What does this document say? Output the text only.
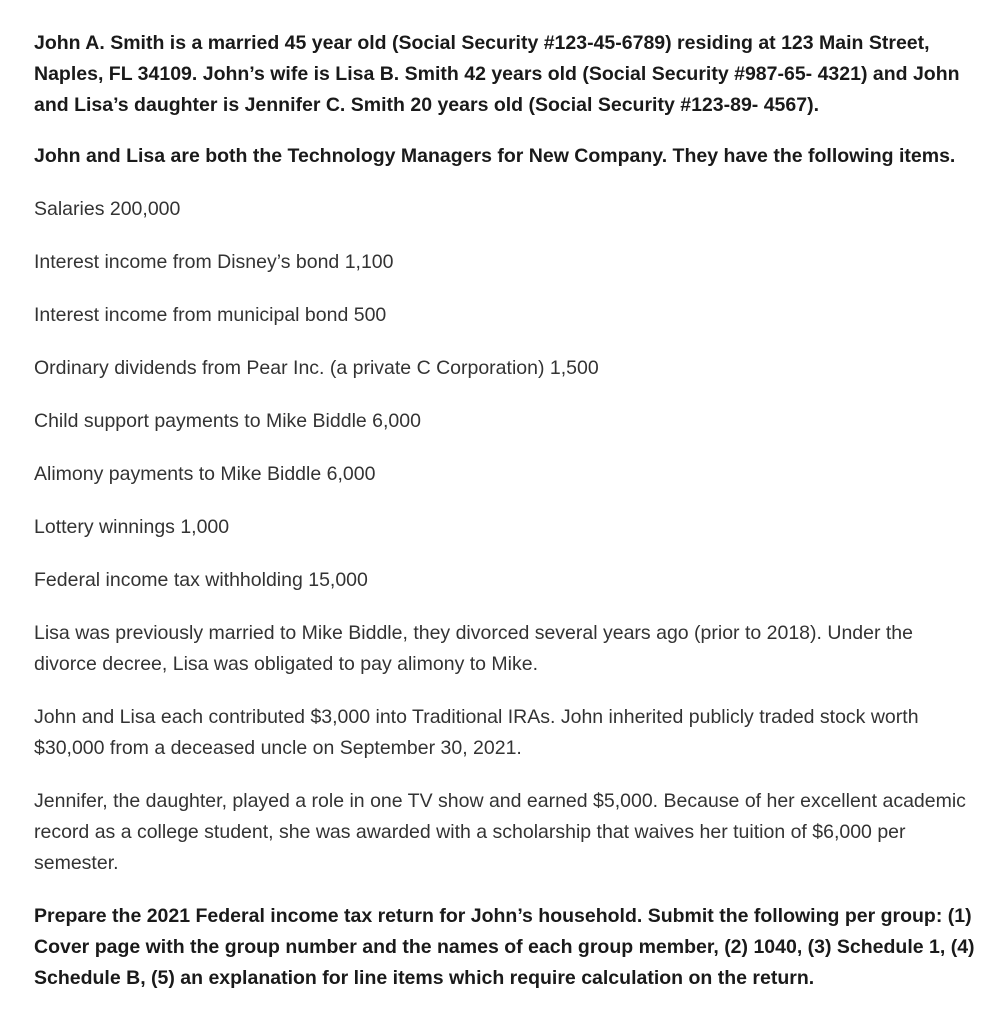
John A. Smith is a married 45 year old (Social Security #123-45-6789) residing at 123 Main Street, Naples, FL 34109. John’s wife is Lisa B. Smith 42 years old (Social Security #987-65- 4321) and John and Lisa’s daughter is Jennifer C. Smith 20 years old (Social Security #123-89- 4567).

John and Lisa are both the Technology Managers for New Company. They have the following items.

Salaries 200,000

Interest income from Disney’s bond 1,100

Interest income from municipal bond 500

Ordinary dividends from Pear Inc. (a private C Corporation) 1,500

Child support payments to Mike Biddle 6,000

Alimony payments to Mike Biddle 6,000

Lottery winnings 1,000

Federal income tax withholding 15,000

Lisa was previously married to Mike Biddle, they divorced several years ago (prior to 2018). Under the divorce decree, Lisa was obligated to pay alimony to Mike.

John and Lisa each contributed $3,000 into Traditional IRAs. John inherited publicly traded stock worth $30,000 from a deceased uncle on September 30, 2021.

Jennifer, the daughter, played a role in one TV show and earned $5,000. Because of her excellent academic record as a college student, she was awarded with a scholarship that waives her tuition of $6,000 per semester.

Prepare the 2021 Federal income tax return for John’s household. Submit the following per group: (1) Cover page with the group number and the names of each group member, (2) 1040, (3) Schedule 1, (4) Schedule B, (5) an explanation for line items which require calculation on the return.
